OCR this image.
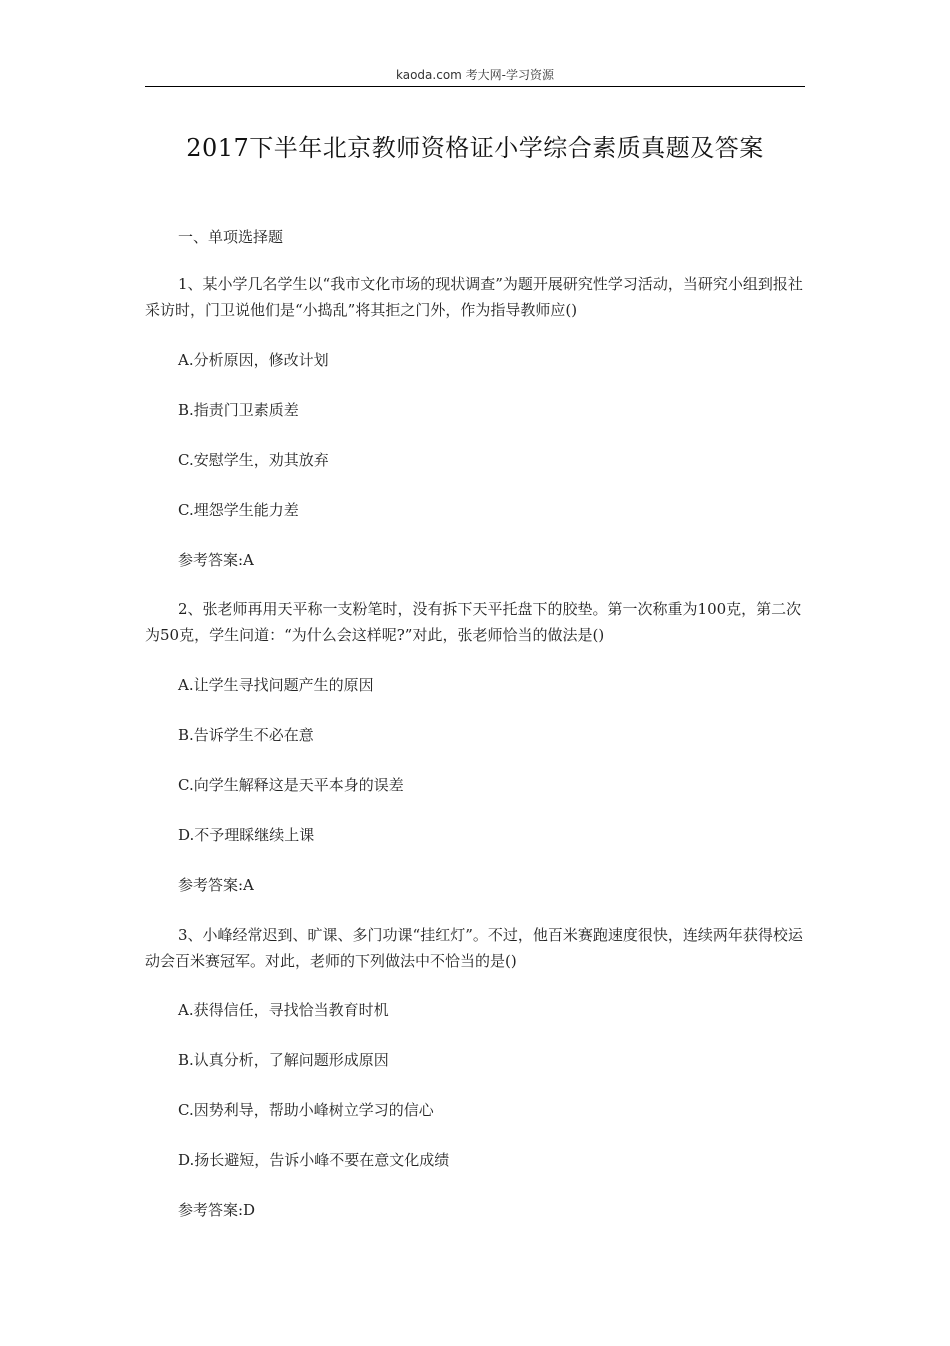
kaoda.com 考大网-学习资源
2017下半年北京教师资格证小学综合素质真题及答案
一、单项选择题
1、某小学几名学生以“我市文化市场的现状调查”为题开展研究性学习活动，当研究小组到报社采访时，门卫说他们是“小捣乱”将其拒之门外，作为指导教师应()
A.分析原因，修改计划
B.指责门卫素质差
C.安慰学生，劝其放弃
C.埋怨学生能力差
参考答案:A
2、张老师再用天平称一支粉笔时，没有拆下天平托盘下的胶垫。第一次称重为100克，第二次为50克，学生问道：“为什么会这样呢?”对此，张老师恰当的做法是()
A.让学生寻找问题产生的原因
B.告诉学生不必在意
C.向学生解释这是天平本身的误差
D.不予理睬继续上课
参考答案:A
3、小峰经常迟到、旷课、多门功课“挂红灯”。不过，他百米赛跑速度很快，连续两年获得校运动会百米赛冠军。对此，老师的下列做法中不恰当的是()
A.获得信任，寻找恰当教育时机
B.认真分析，了解问题形成原因
C.因势利导，帮助小峰树立学习的信心
D.扬长避短，告诉小峰不要在意文化成绩
参考答案:D
